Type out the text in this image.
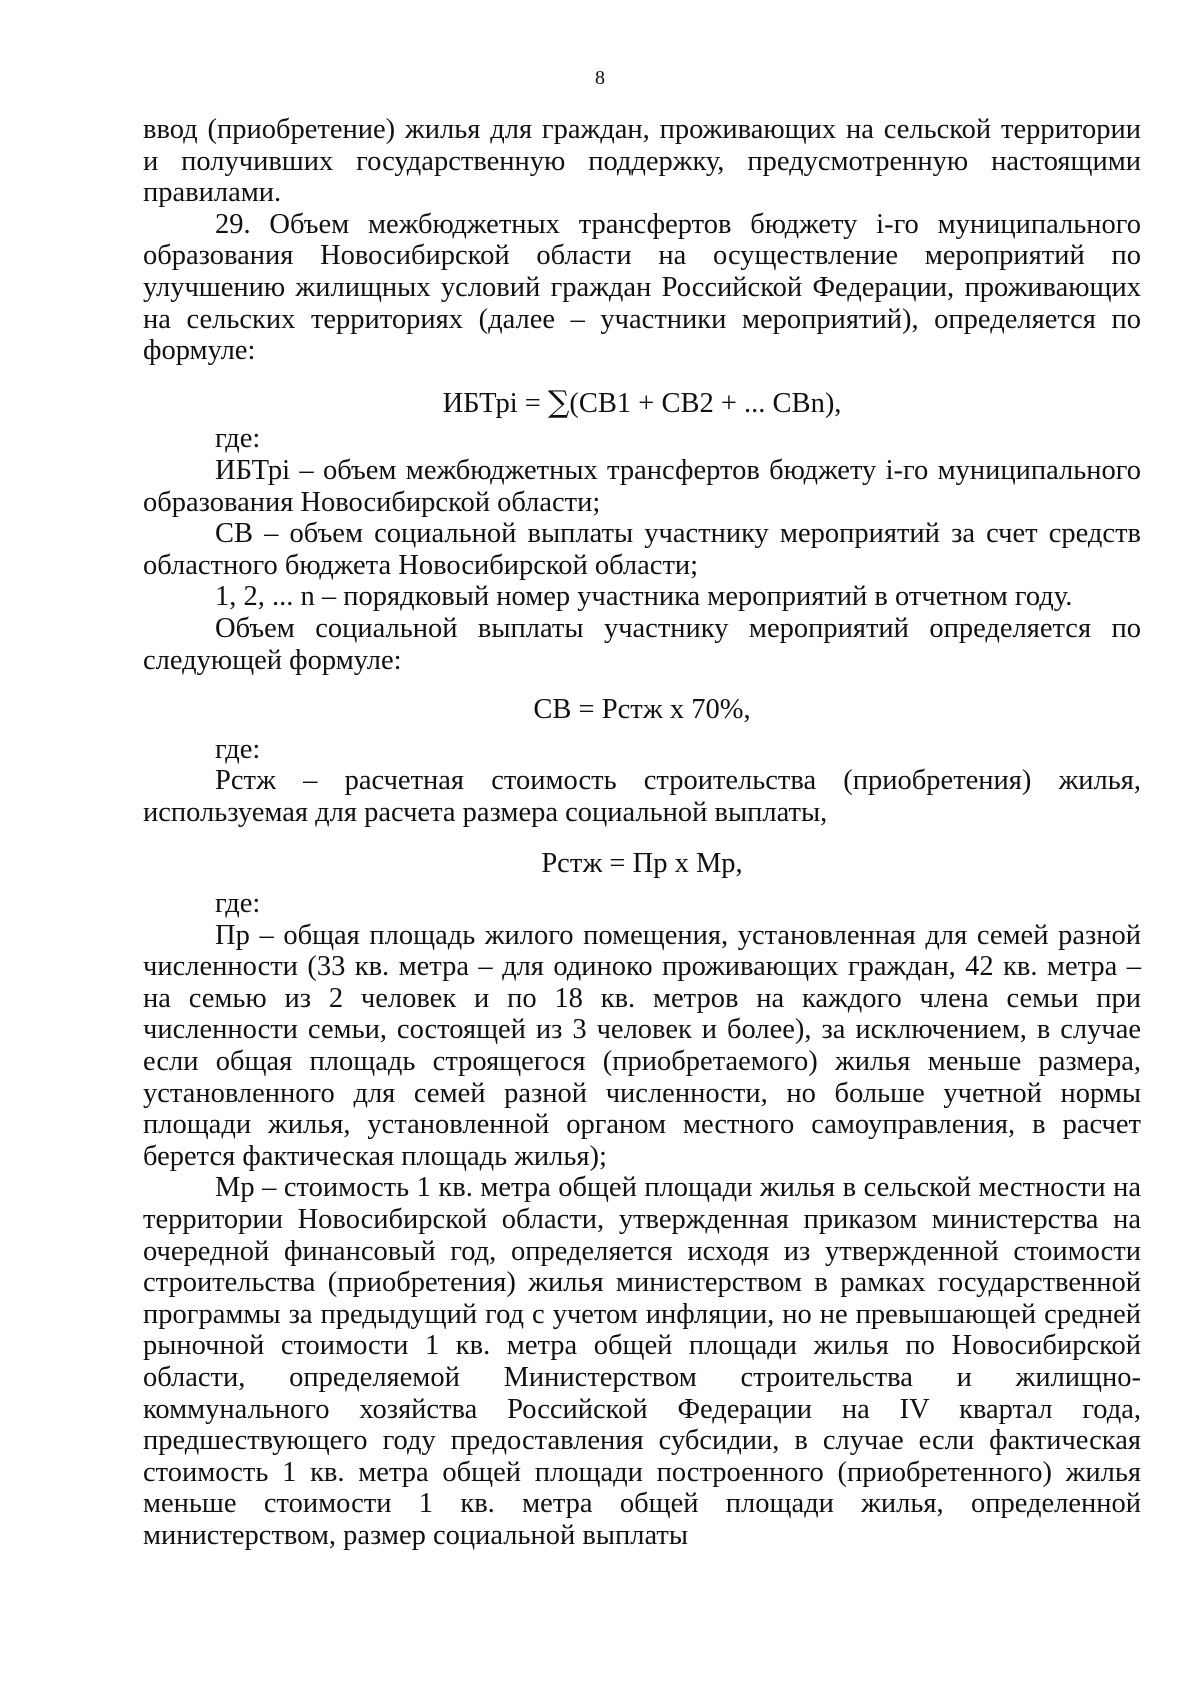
8

ввод (приобретение) жилья для граждан, проживающих на сельской территории и получивших государственную поддержку, предусмотренную настоящими правилами.

29. Объем межбюджетных трансфертов бюджету i-го муниципального образования Новосибирской области на осуществление мероприятий по улучшению жилищных условий граждан Российской Федерации, проживающих на сельских территориях (далее – участники мероприятий), определяется по формуле:

ИБТрi = ∑(СВ1 + СВ2 + ... СВn),

где:

ИБТрi – объем межбюджетных трансфертов бюджету i-го муниципального образования Новосибирской области;

СВ – объем социальной выплаты участнику мероприятий за счет средств областного бюджета Новосибирской области;

1, 2, ... n – порядковый номер участника мероприятий в отчетном году.

Объем социальной выплаты участнику мероприятий определяется по следующей формуле:

СВ = Рстж х 70%,

где:

Рстж – расчетная стоимость строительства (приобретения) жилья, используемая для расчета размера социальной выплаты,

Рстж = Пр х Мр,

где:

Пр – общая площадь жилого помещения, установленная для семей разной численности (33 кв. метра – для одиноко проживающих граждан, 42 кв. метра – на семью из 2 человек и по 18 кв. метров на каждого члена семьи при численности семьи, состоящей из 3 человек и более), за исключением, в случае если общая площадь строящегося (приобретаемого) жилья меньше размера, установленного для семей разной численности, но больше учетной нормы площади жилья, установленной органом местного самоуправления, в расчет берется фактическая площадь жилья);

Мр – стоимость 1 кв. метра общей площади жилья в сельской местности на территории Новосибирской области, утвержденная приказом министерства на очередной финансовый год, определяется исходя из утвержденной стоимости строительства (приобретения) жилья министерством в рамках государственной программы за предыдущий год с учетом инфляции, но не превышающей средней рыночной стоимости 1 кв. метра общей площади жилья по Новосибирской области, определяемой Министерством строительства и жилищно-коммунального хозяйства Российской Федерации на IV квартал года, предшествующего году предоставления субсидии, в случае если фактическая стоимость 1 кв. метра общей площади построенного (приобретенного) жилья меньше стоимости 1 кв. метра общей площади жилья, определенной министерством, размер социальной выплаты
